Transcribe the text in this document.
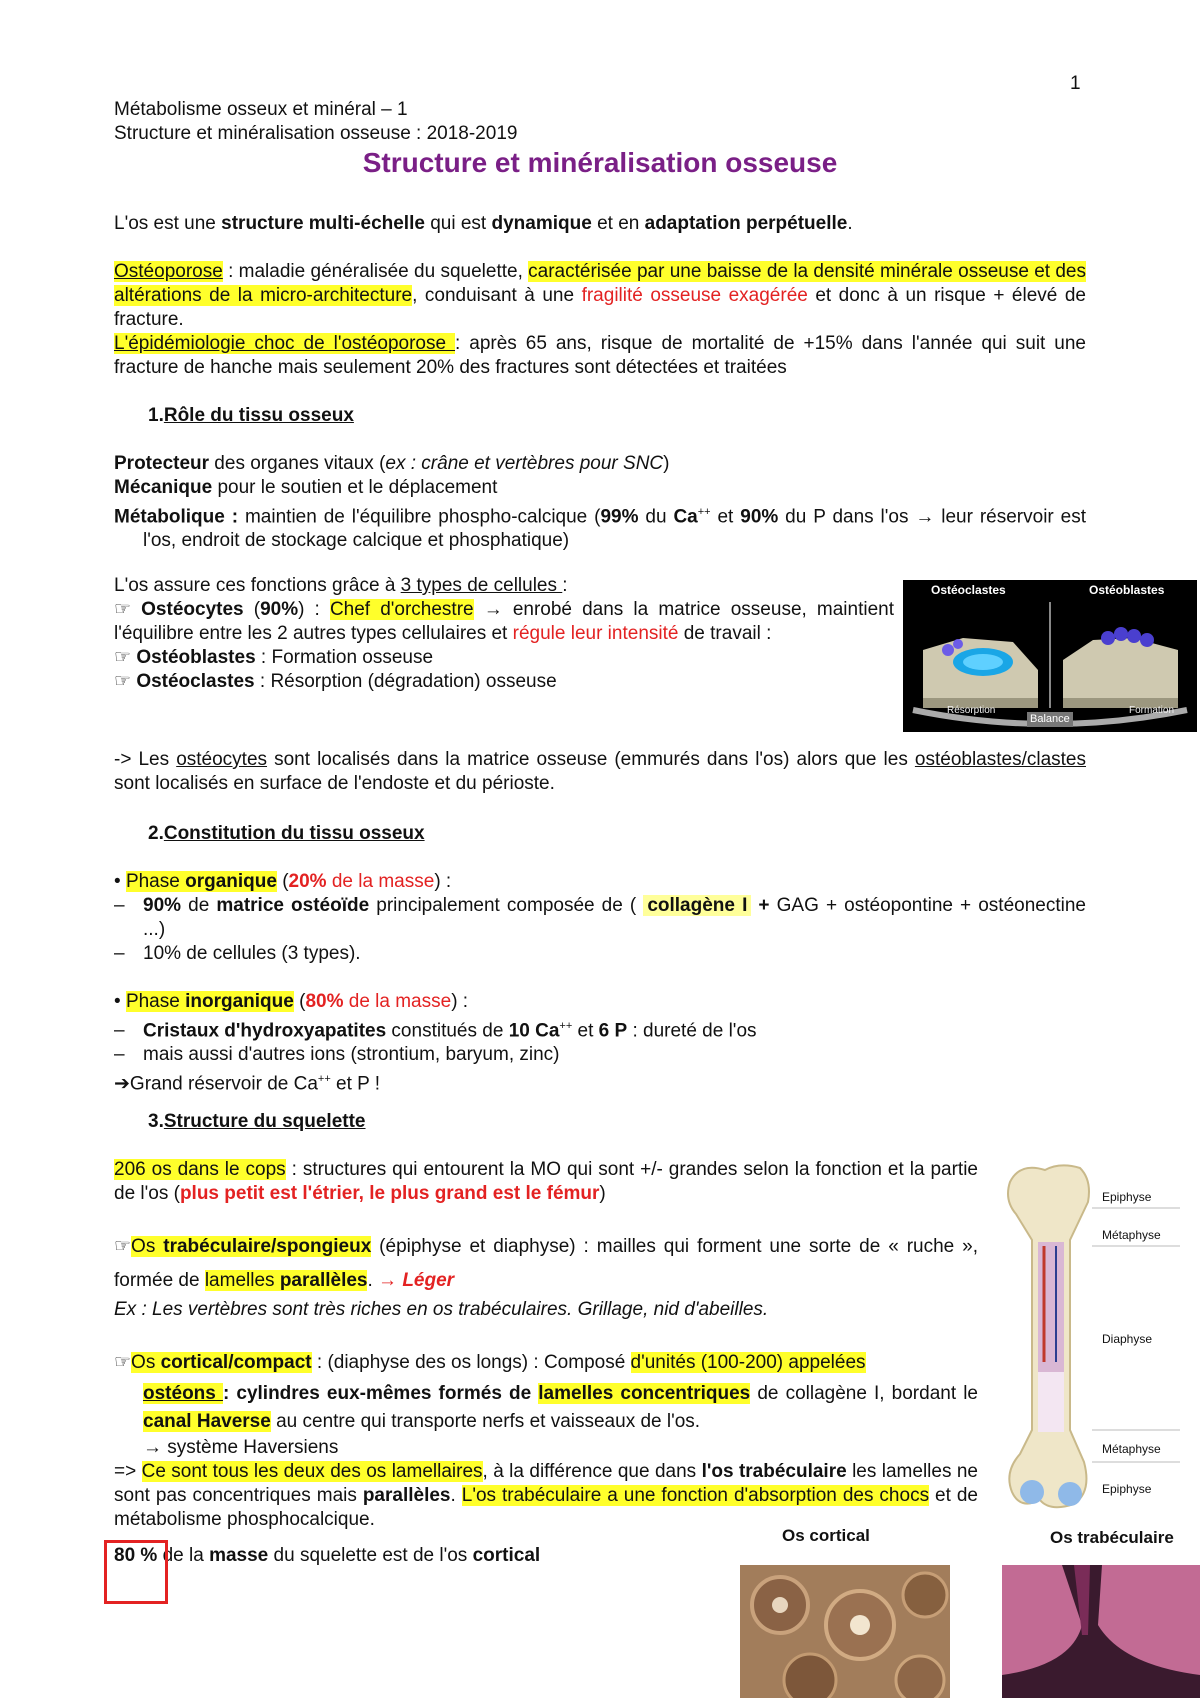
1

Métabolisme osseux et minéral – 1

Structure et minéralisation osseuse : 2018-2019

Structure et minéralisation osseuse

L'os est une structure multi-échelle qui est dynamique et en adaptation perpétuelle.

Ostéoporose : maladie généralisée du squelette, caractérisée par une baisse de la densité minérale osseuse et des altérations de la micro-architecture, conduisant à une fragilité osseuse exagérée et donc à un risque + élevé de fracture.

L'épidémiologie choc de l'ostéoporose : après 65 ans, risque de mortalité de +15% dans l'année qui suit une fracture de hanche mais seulement 20% des fractures sont détectées et traitées

1.Rôle du tissu osseux

Protecteur des organes vitaux (ex : crâne et vertèbres pour SNC)

Mécanique pour le soutien et le déplacement

Métabolique : maintien de l'équilibre phospho-calcique (99% du Ca++ et 90% du P dans l'os → leur réservoir est l'os, endroit de stockage calcique et phosphatique)

L'os assure ces fonctions grâce à 3 types de cellules :

☞ Ostéocytes (90%) : Chef d'orchestre → enrobé dans la matrice osseuse, maintient l'équilibre entre les 2 autres types cellulaires et régule leur intensité de travail :

☞ Ostéoblastes : Formation osseuse

☞ Ostéoclastes : Résorption (dégradation) osseuse

Ostéoclastes	Ostéoblastes
Résorption
Balance
Formation

-> Les ostéocytes sont localisés dans la matrice osseuse (emmurés dans l'os) alors que les ostéoblastes/clastes sont localisés en surface de l'endoste et du périoste.

2.Constitution du tissu osseux

• Phase organique (20% de la masse) :

– 90% de matrice ostéoïde principalement composée de ( collagène I + GAG + ostéopontine + ostéonectine ...)

– 10% de cellules (3 types).

• Phase inorganique (80% de la masse) :

– Cristaux d'hydroxyapatites constitués de 10 Ca++ et 6 P : dureté de l'os

– mais aussi d'autres ions (strontium, baryum, zinc)

➔Grand réservoir de Ca++ et P !

3.Structure du squelette

206 os dans le cops : structures qui entourent la MO qui sont +/- grandes selon la fonction et la partie de l'os (plus petit est l'étrier, le plus grand est le fémur)

☞Os trabéculaire/spongieux (épiphyse et diaphyse) : mailles qui forment une sorte de « ruche », formée de lamelles parallèles. → Léger

Ex : Les vertèbres sont très riches en os trabéculaires. Grillage, nid d'abeilles.

☞Os cortical/compact : (diaphyse des os longs) : Composé d'unités (100-200) appelées

ostéons : cylindres eux-mêmes formés de lamelles concentriques de collagène I, bordant le canal Haverse au centre qui transporte nerfs et vaisseaux de l'os.

→ système Haversiens

=> Ce sont tous les deux des os lamellaires, à la différence que dans l'os trabéculaire les lamelles ne sont pas concentriques mais parallèles. L'os trabéculaire a une fonction d'absorption des chocs et de métabolisme phosphocalcique.

80 % de la masse du squelette est de l'os cortical

Epiphyse
Métaphyse
Diaphyse
Métaphyse
Epiphyse
Os cortical	Os trabéculaire
